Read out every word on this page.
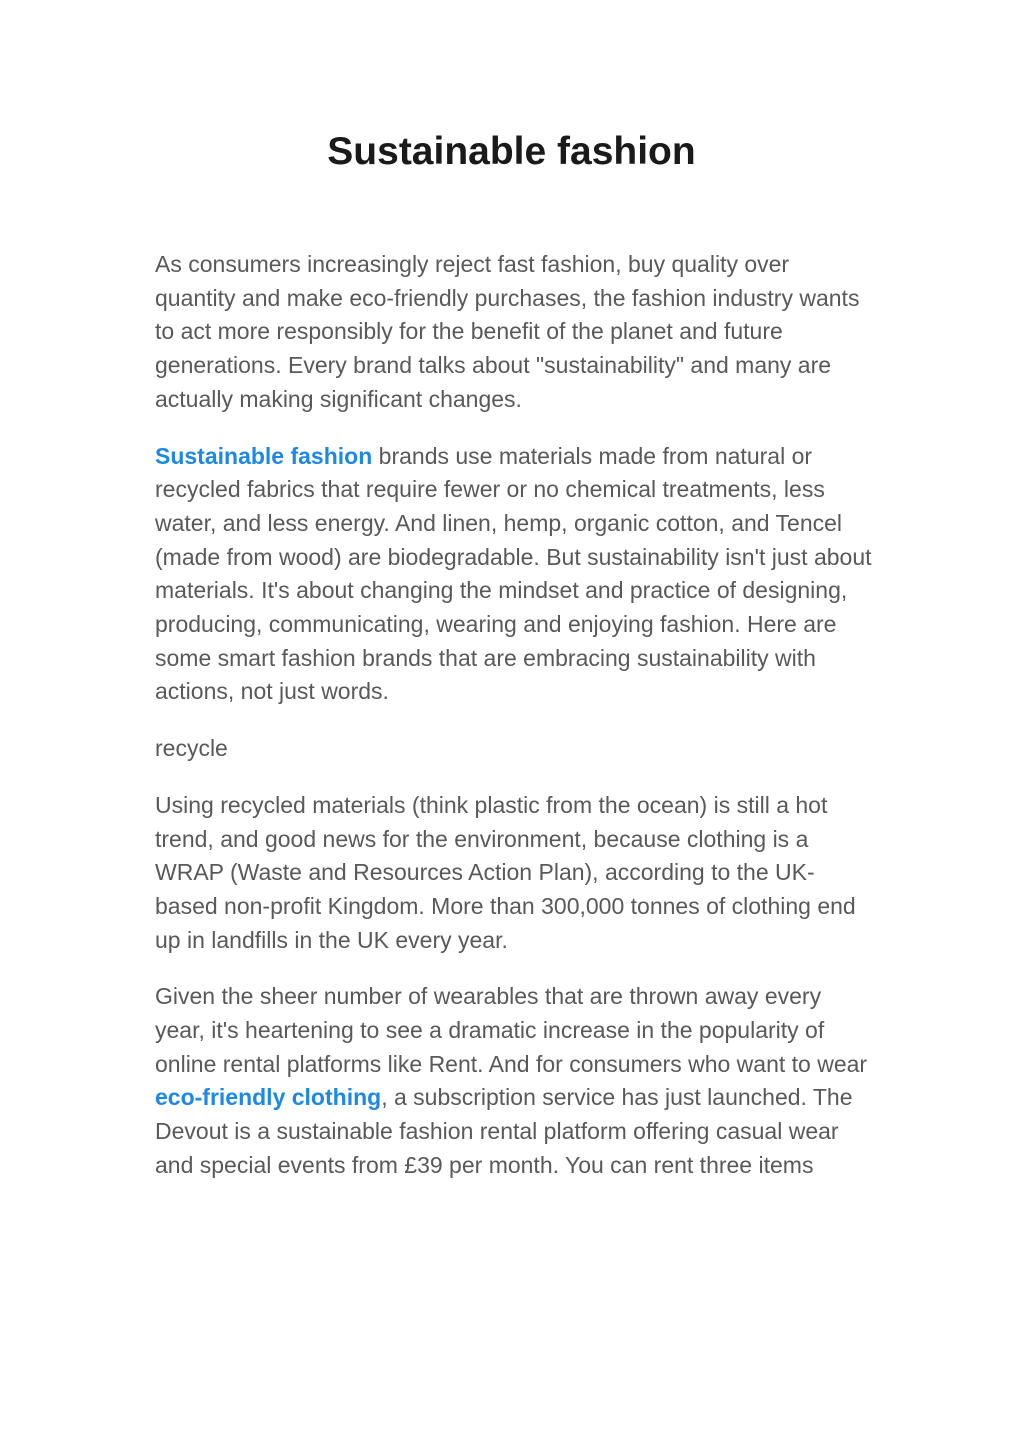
Sustainable fashion

As consumers increasingly reject fast fashion, buy quality over quantity and make eco-friendly purchases, the fashion industry wants to act more responsibly for the benefit of the planet and future generations. Every brand talks about "sustainability" and many are actually making significant changes.

Sustainable fashion brands use materials made from natural or recycled fabrics that require fewer or no chemical treatments, less water, and less energy. And linen, hemp, organic cotton, and Tencel (made from wood) are biodegradable. But sustainability isn't just about materials. It's about changing the mindset and practice of designing, producing, communicating, wearing and enjoying fashion. Here are some smart fashion brands that are embracing sustainability with actions, not just words.

recycle

Using recycled materials (think plastic from the ocean) is still a hot trend, and good news for the environment, because clothing is a WRAP (Waste and Resources Action Plan), according to the UK-based non-profit Kingdom. More than 300,000 tonnes of clothing end up in landfills in the UK every year.

Given the sheer number of wearables that are thrown away every year, it's heartening to see a dramatic increase in the popularity of online rental platforms like Rent. And for consumers who want to wear eco-friendly clothing, a subscription service has just launched. The Devout is a sustainable fashion rental platform offering casual wear and special events from £39 per month. You can rent three items
